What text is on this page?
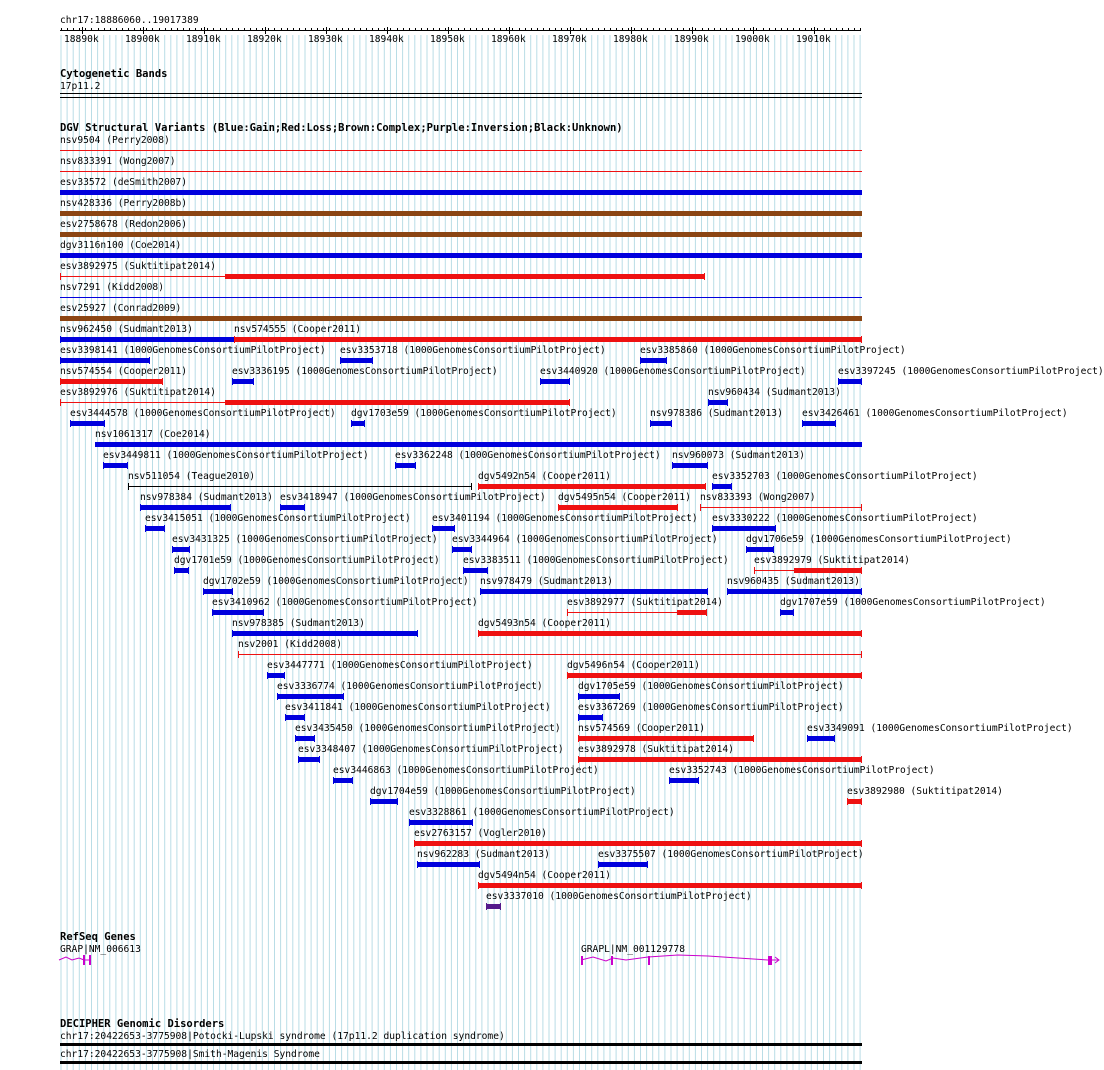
chr17:18886060..19017389
18890k	18900k	18910k	18920k	18930k	18940k	18950k	18960k	18970k	18980k	18990k	19000k	19010k
Cytogenetic Bands
17p11.2
DGV Structural Variants (Blue:Gain;Red:Loss;Brown:Complex;Purple:Inversion;Black:Unknown)
nsv9504 (Perry2008)
nsv833391 (Wong2007)
esv33572 (deSmith2007)
nsv428336 (Perry2008b)
esv2758678 (Redon2006)
dgv3116n100 (Coe2014)
esv3892975 (Suktitipat2014)
nsv7291 (Kidd2008)
esv25927 (Conrad2009)
nsv962450 (Sudmant2013)	nsv574555 (Cooper2011)
esv3398141 (1000GenomesConsortiumPilotProject) esv3353718 (1000GenomesConsortiumPilotProject)	esv3385860 (1000GenomesConsortiumPilotProject)
nsv574554 (Cooper2011)	esv3336195 (1000GenomesConsortiumPilotProject)	esv3440920 (1000GenomesConsortiumPilotProject)	esv3397245 (1000GenomesConsortiumPilotProject)
esv3892976 (Suktitipat2014)	nsv960434 (Sudmant2013)
esv3444578 (1000GenomesConsortiumPilotProject) dgv1703e59 (1000GenomesConsortiumPilotProject)	nsv978386 (Sudmant2013) esv3426461 (1000GenomesConsortiumPilotProject)
nsv1061317 (Coe2014)
esv3449811 (1000GenomesConsortiumPilotProject)	esv3362248 (1000GenomesConsortiumPilotProject) nsv960073 (Sudmant2013)
nsv511054 (Teague2010)	dgv5492n54 (Cooper2011)	esv3352703 (1000GenomesConsortiumPilotProject)
nsv978384 (Sudmant2013) esv3418947 (1000GenomesConsortiumPilotProject) dgv5495n54 (Cooper2011) nsv833393 (Wong2007)
esv3415051 (1000GenomesConsortiumPilotProject) esv3401194 (1000GenomesConsortiumPilotProject) esv3330222 (1000GenomesConsortiumPilotProject)
esv3431325 (1000GenomesConsortiumPilotProject) esv3344964 (1000GenomesConsortiumPilotProject)	dgv1706e59 (1000GenomesConsortiumPilotProject)
dgv1701e59 (1000GenomesConsortiumPilotProject) esv3383511 (1000GenomesConsortiumPilotProject)	esv3892979 (Suktitipat2014)
dgv1702e59 (1000GenomesConsortiumPilotProject) nsv978479 (Sudmant2013)	nsv960435 (Sudmant2013)
esv3410962 (1000GenomesConsortiumPilotProject)	esv3892977 (Suktitipat2014)	dgv1707e59 (1000GenomesConsortiumPilotProject)
nsv978385 (Sudmant2013)	dgv5493n54 (Cooper2011)
nsv2001 (Kidd2008)
esv3447771 (1000GenomesConsortiumPilotProject)	dgv5496n54 (Cooper2011)
esv3336774 (1000GenomesConsortiumPilotProject)	dgv1705e59 (1000GenomesConsortiumPilotProject)
esv3411841 (1000GenomesConsortiumPilotProject)	esv3367269 (1000GenomesConsortiumPilotProject)
esv3435450 (1000GenomesConsortiumPilotProject) nsv574569 (Cooper2011)	esv3349091 (1000GenomesConsortiumPilotProject)
esv3348407 (1000GenomesConsortiumPilotProject) esv3892978 (Suktitipat2014)
esv3446863 (1000GenomesConsortiumPilotProject)	esv3352743 (1000GenomesConsortiumPilotProject)
dgv1704e59 (1000GenomesConsortiumPilotProject)	esv3892980 (Suktitipat2014)
esv3328861 (1000GenomesConsortiumPilotProject)
esv2763157 (Vogler2010)
nsv962283 (Sudmant2013)	esv3375507 (1000GenomesConsortiumPilotProject)
dgv5494n54 (Cooper2011)
esv3337010 (1000GenomesConsortiumPilotProject)
RefSeq Genes
GRAP|NM_006613	GRAPL|NM_001129778
DECIPHER Genomic Disorders
chr17:20422653-3775908|Potocki-Lupski syndrome (17p11.2 duplication syndrome)
chr17:20422653-3775908|Smith-Magenis Syndrome
